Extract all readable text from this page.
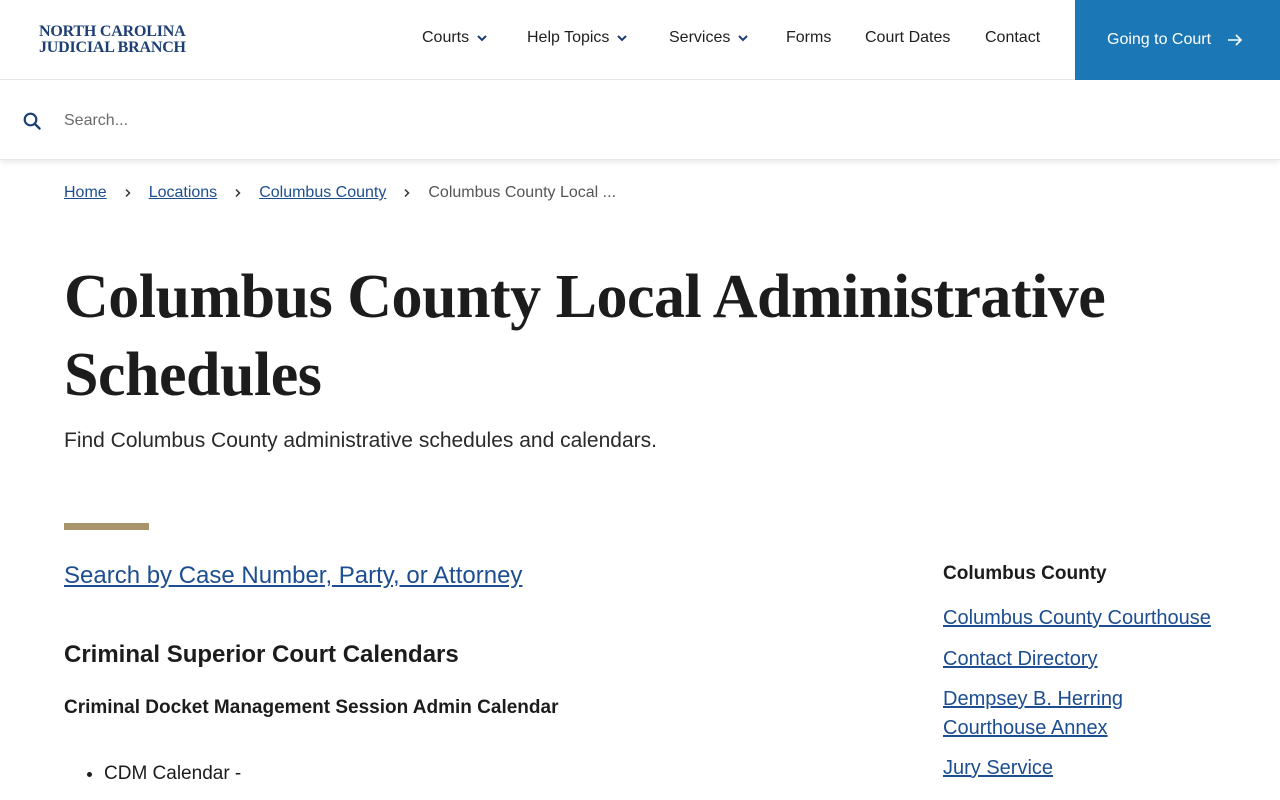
NORTH CAROLINA
JUDICIAL BRANCH
Courts	Help Topics	Services	Forms Court Dates Contact	Going to Court
Search...
Home	Locations	Columbus County	Columbus County Local ...
Columbus County Local Administrative Schedules

Find Columbus County administrative schedules and calendars.

Search by Case Number, Party, or Attorney
Criminal Superior Court Calendars
Criminal Docket Management Session Admin Calendar
• CDM Calendar -
Columbus County
Columbus County Courthouse
Contact Directory
Dempsey B. Herring Courthouse Annex
Jury Service
